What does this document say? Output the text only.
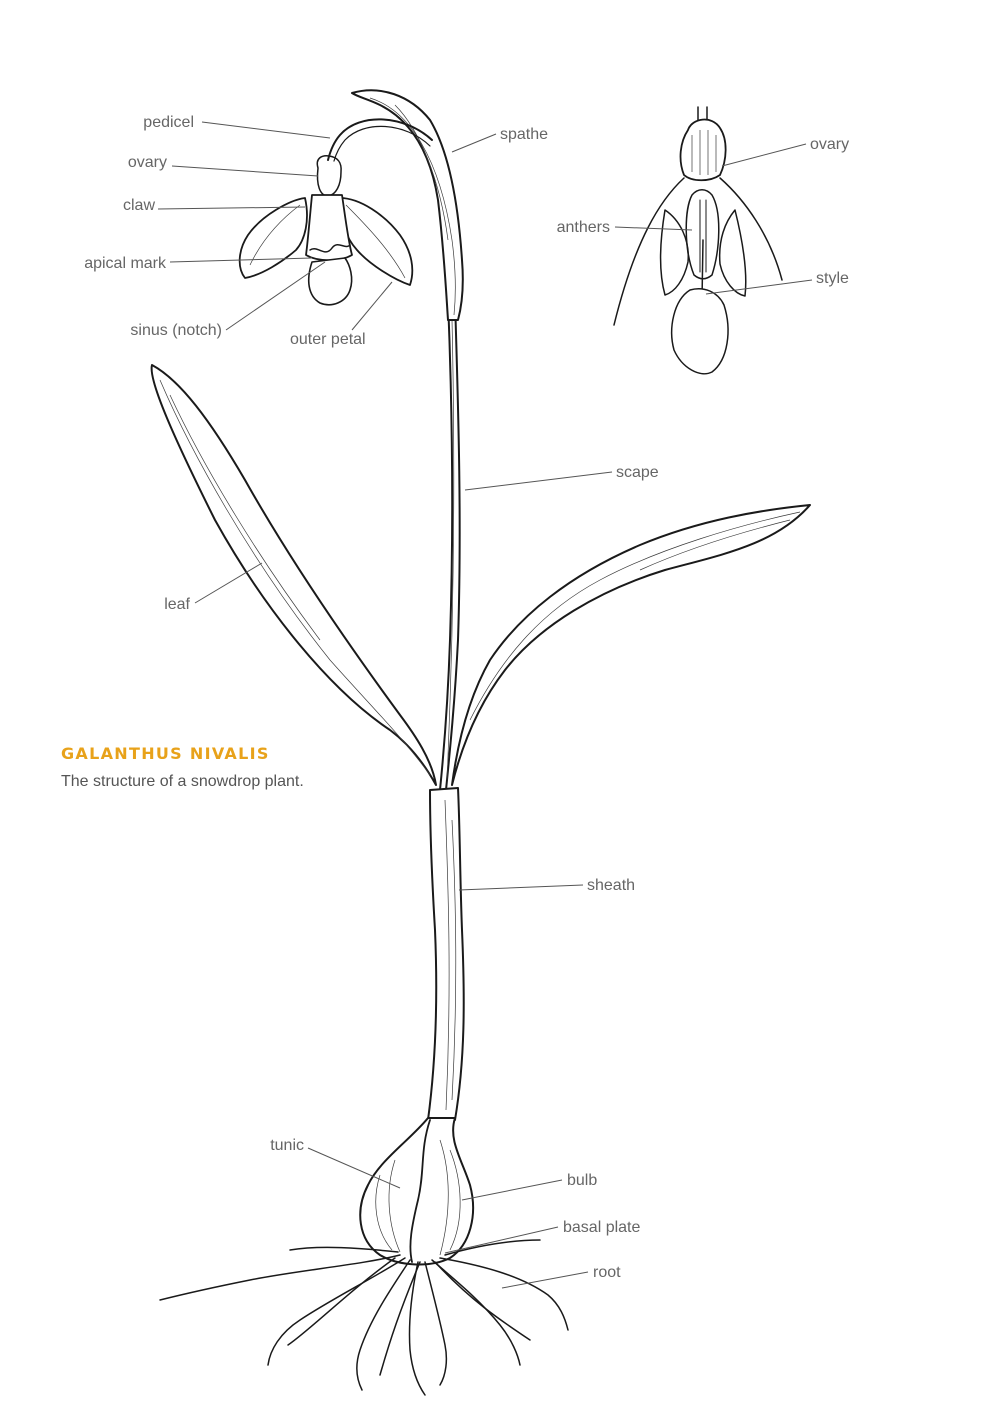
pedicel
ovary
claw
apical mark
sinus (notch)
outer petal
spathe
ovary
anthers
style
scape
leaf
sheath
tunic
bulb
basal plate
root
GALANTHUS NIVALIS
The structure of a snowdrop plant.
